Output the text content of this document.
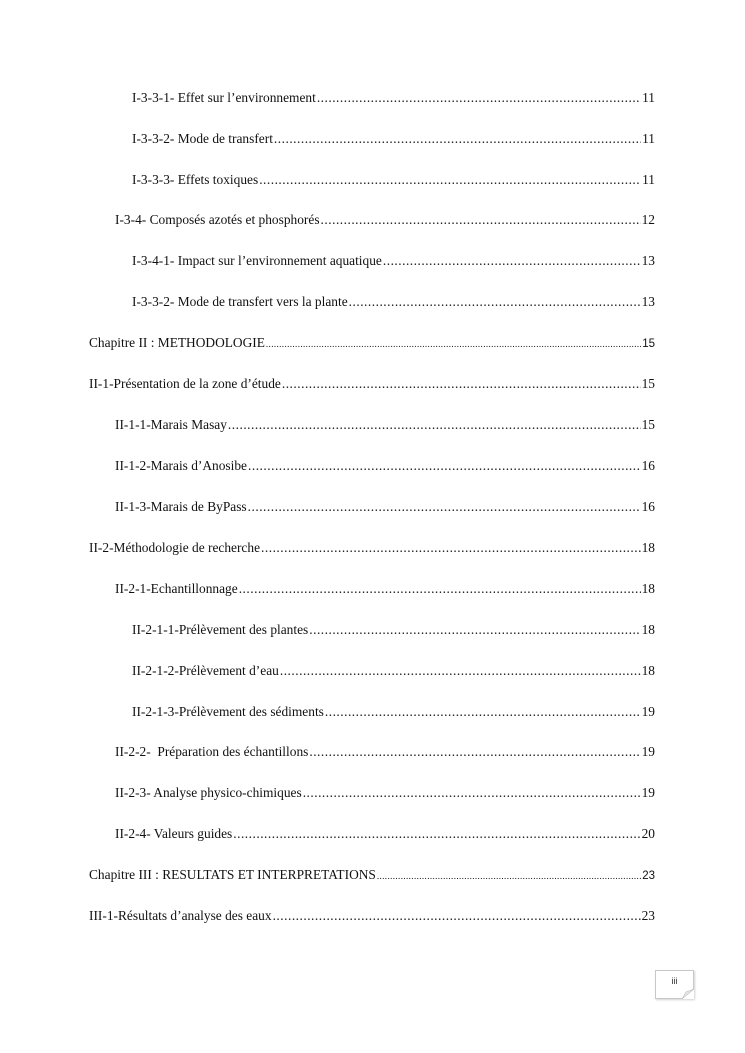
I-3-3-1- Effet sur l’environnement .....	11
I-3-3-2- Mode de transfert .....	11
I-3-3-3- Effets toxiques .....	11
I-3-4- Composés azotés et phosphorés .....	12
I-3-4-1- Impact sur l’environnement aquatique .....	13
I-3-3-2- Mode de transfert vers la plante .....	13
Chapitre II : METHODOLOGIE .....	15
II-1-Présentation de la zone d’étude .....	15
II-1-1-Marais Masay .....	15
II-1-2-Marais d’Anosibe .....	16
II-1-3-Marais de ByPass .....	16
II-2-Méthodologie de recherche .....	18
II-2-1-Echantillonnage .....	18
II-2-1-1-Prélèvement des plantes .....	18
II-2-1-2-Prélèvement d’eau .....	18
II-2-1-3-Prélèvement des sédiments .....	19
II-2-2-  Préparation des échantillons .....	19
II-2-3- Analyse physico-chimiques .....	19
II-2-4- Valeurs guides .....	20
Chapitre III : RESULTATS ET INTERPRETATIONS .....	23
III-1-Résultats d’analyse des eaux .....	23
iii
